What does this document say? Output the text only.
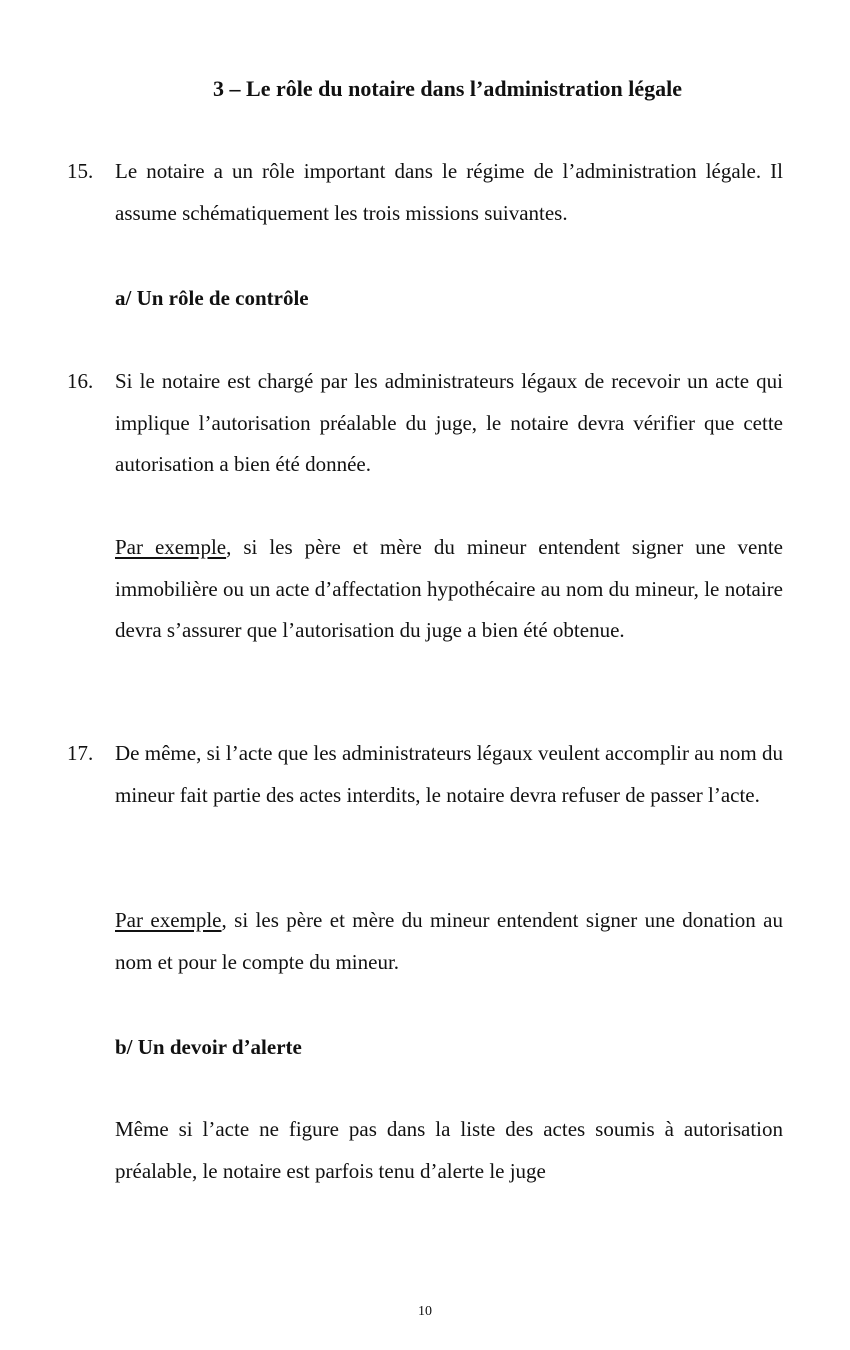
3 – Le rôle du notaire dans l’administration légale
15. Le notaire a un rôle important dans le régime de l’administration légale. Il assume schématiquement les trois missions suivantes.
a/ Un rôle de contrôle
16. Si le notaire est chargé par les administrateurs légaux de recevoir un acte qui implique l’autorisation préalable du juge, le notaire devra vérifier que cette autorisation a bien été donnée.
Par exemple, si les père et mère du mineur entendent signer une vente immobilière ou un acte d’affectation hypothécaire au nom du mineur, le notaire devra s’assurer que l’autorisation du juge a bien été obtenue.
17. De même, si l’acte que les administrateurs légaux veulent accomplir au nom du mineur fait partie des actes interdits, le notaire devra refuser de passer l’acte.
Par exemple, si les père et mère du mineur entendent signer une donation au nom et pour le compte du mineur.
b/ Un devoir d’alerte
Même si l’acte ne figure pas dans la liste des actes soumis à autorisation préalable, le notaire est parfois tenu d’alerte le juge
10
